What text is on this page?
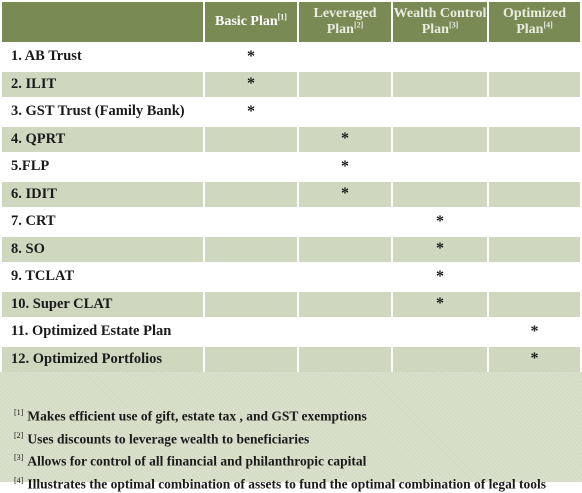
	Basic Plan[1]	Leveraged Plan[2]	Wealth Control Plan[3]	Optimized Plan[4]
1. AB Trust	*			
2. ILIT	*			
3. GST Trust (Family Bank)	*			
4. QPRT		*		
5.FLP		*		
6. IDIT		*		
7. CRT			*	
8. SO			*	
9. TCLAT			*	
10. Super CLAT			*	
11. Optimized Estate Plan				*
12. Optimized Portfolios				*
[1] Makes efficient use of gift, estate tax , and GST exemptions
[2] Uses discounts to leverage wealth to beneficiaries
[3] Allows for control of all financial and philanthropic capital
[4] Illustrates the optimal combination of assets to fund the optimal combination of legal tools
